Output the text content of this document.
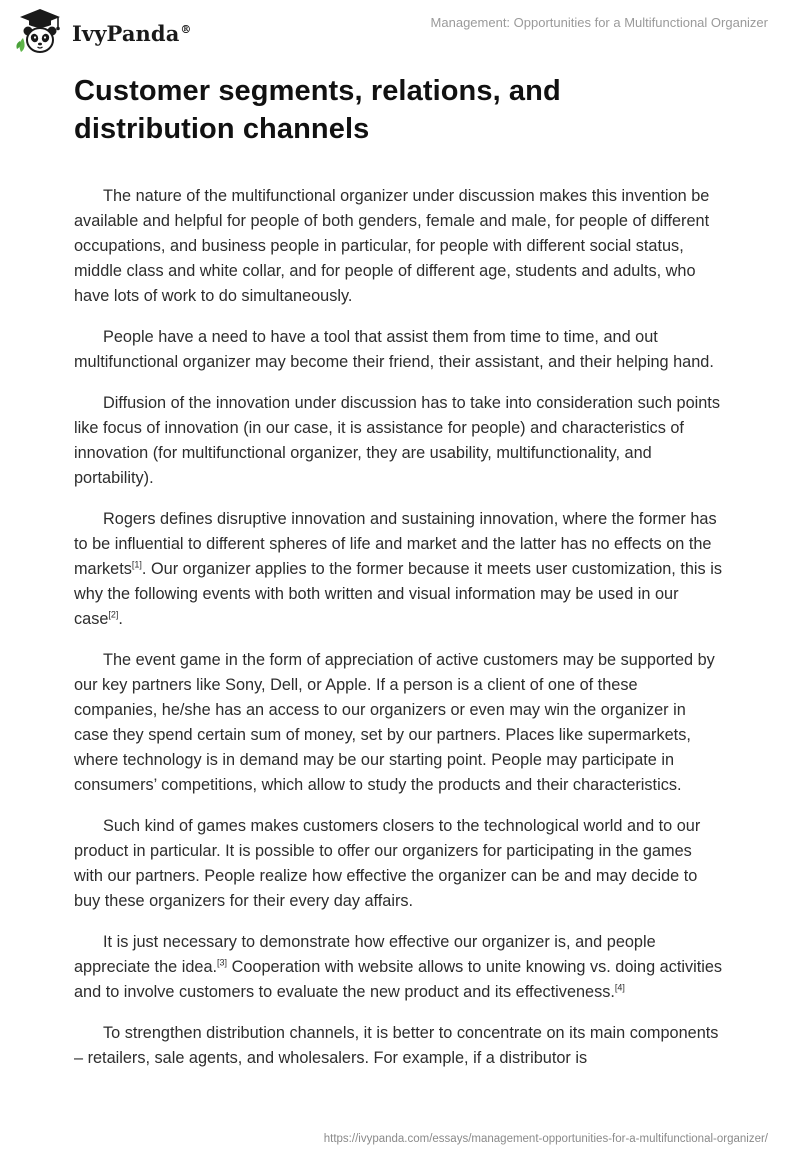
IvyPanda®	Management: Opportunities for a Multifunctional Organizer
Customer segments, relations, and distribution channels

The nature of the multifunctional organizer under discussion makes this invention be available and helpful for people of both genders, female and male, for people of different occupations, and business people in particular, for people with different social status, middle class and white collar, and for people of different age, students and adults, who have lots of work to do simultaneously.

People have a need to have a tool that assist them from time to time, and out multifunctional organizer may become their friend, their assistant, and their helping hand.

Diffusion of the innovation under discussion has to take into consideration such points like focus of innovation (in our case, it is assistance for people) and characteristics of innovation (for multifunctional organizer, they are usability, multifunctionality, and portability).

Rogers defines disruptive innovation and sustaining innovation, where the former has to be influential to different spheres of life and market and the latter has no effects on the markets[1]. Our organizer applies to the former because it meets user customization, this is why the following events with both written and visual information may be used in our case[2].

The event game in the form of appreciation of active customers may be supported by our key partners like Sony, Dell, or Apple. If a person is a client of one of these companies, he/she has an access to our organizers or even may win the organizer in case they spend certain sum of money, set by our partners. Places like supermarkets, where technology is in demand may be our starting point. People may participate in consumers’ competitions, which allow to study the products and their characteristics.

Such kind of games makes customers closers to the technological world and to our product in particular. It is possible to offer our organizers for participating in the games with our partners. People realize how effective the organizer can be and may decide to buy these organizers for their every day affairs.

It is just necessary to demonstrate how effective our organizer is, and people appreciate the idea.[3] Cooperation with website allows to unite knowing vs. doing activities and to involve customers to evaluate the new product and its effectiveness.[4]

To strengthen distribution channels, it is better to concentrate on its main components – retailers, sale agents, and wholesalers. For example, if a distributor is

https://ivypanda.com/essays/management-opportunities-for-a-multifunctional-organizer/
